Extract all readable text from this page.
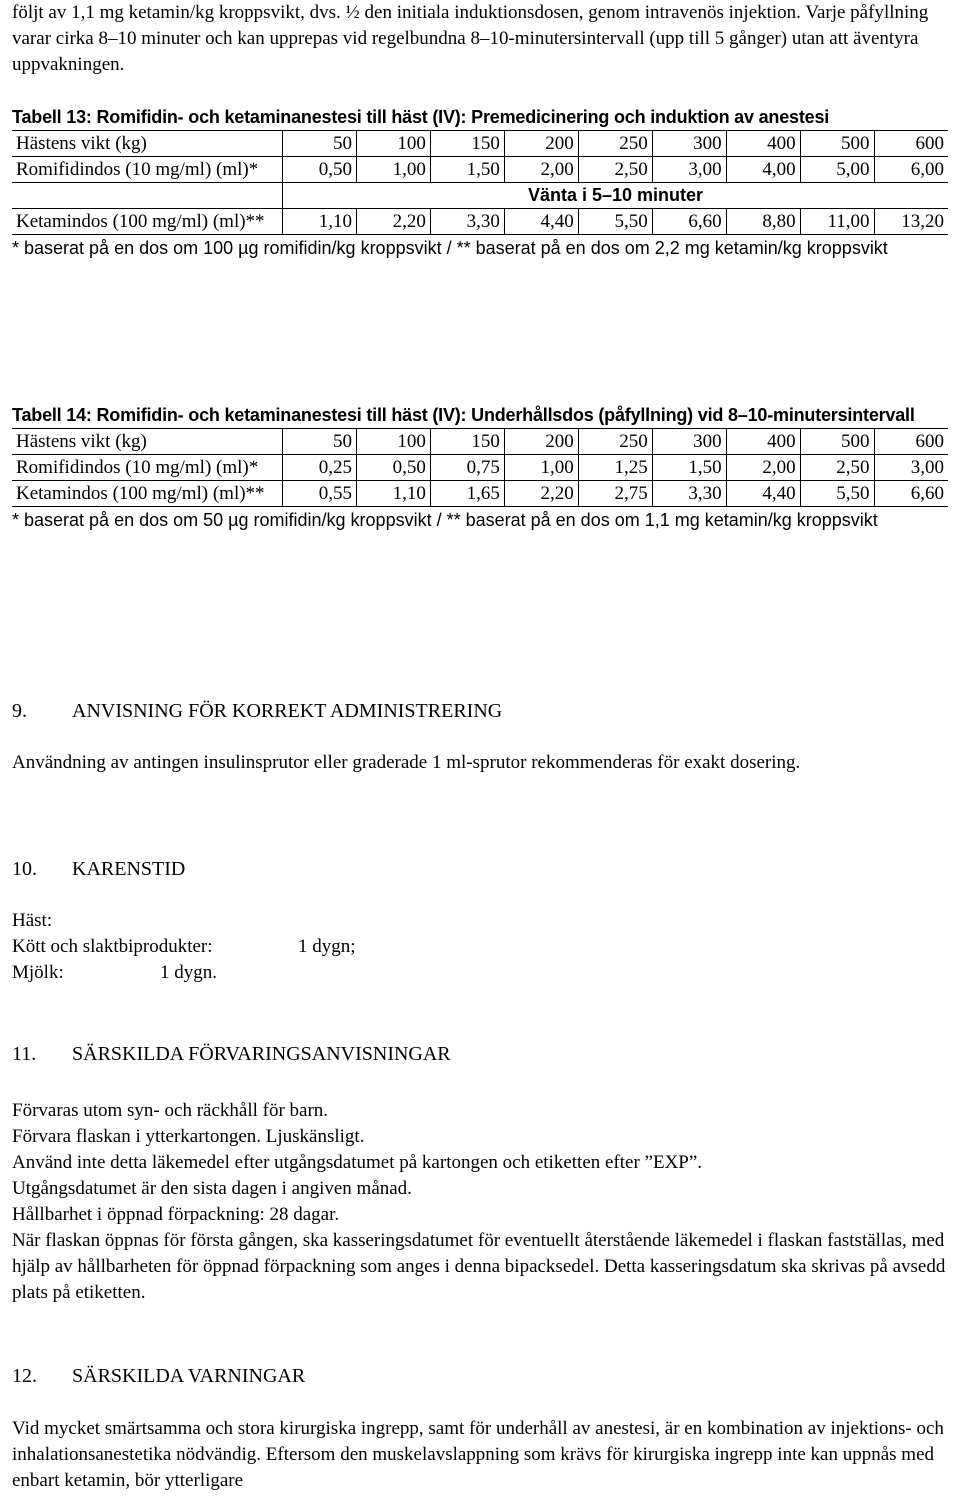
följt av 1,1 mg ketamin/kg kroppsvikt, dvs. ½ den initiala induktionsdosen, genom intravenös injektion. Varje påfyllning varar cirka 8–10 minuter och kan upprepas vid regelbundna 8–10-minutersintervall (upp till 5 gånger) utan att äventyra uppvakningen.

Tabell 13: Romifidin- och ketaminanestesi till häst (IV): Premedicinering och induktion av anestesi

Hästens vikt (kg)	50	100	150	200	250	300	400	500	600
Romifidindos (10 mg/ml) (ml)*	0,50	1,00	1,50	2,00	2,50	3,00	4,00	5,00	6,00
	Vänta i 5–10 minuter								
Ketamindos (100 mg/ml) (ml)**	1,10	2,20	3,30	4,40	5,50	6,60	8,80	11,00	13,20

* baserat på en dos om 100 µg romifidin/kg kroppsvikt / ** baserat på en dos om 2,2 mg ketamin/kg kroppsvikt

Tabell 14: Romifidin- och ketaminanestesi till häst (IV): Underhållsdos (påfyllning) vid 8–10-minutersintervall

Hästens vikt (kg)	50	100	150	200	250	300	400	500	600
Romifidindos (10 mg/ml) (ml)*	0,25	0,50	0,75	1,00	1,25	1,50	2,00	2,50	3,00
Ketamindos (100 mg/ml) (ml)**	0,55	1,10	1,65	2,20	2,75	3,30	4,40	5,50	6,60

* baserat på en dos om 50 µg romifidin/kg kroppsvikt / ** baserat på en dos om 1,1 mg ketamin/kg kroppsvikt

9. ANVISNING FÖR KORREKT ADMINISTRERING

Användning av antingen insulinsprutor eller graderade 1 ml-sprutor rekommenderas för exakt dosering.

10. KARENSTID

Häst:

Kött och slaktbiprodukter:	1 dygn;

Mjölk:	1 dygn.

11. SÄRSKILDA FÖRVARINGSANVISNINGAR

Förvaras utom syn- och räckhåll för barn.

Förvara flaskan i ytterkartongen. Ljuskänsligt.

Använd inte detta läkemedel efter utgångsdatumet på kartongen och etiketten efter ”EXP”.

Utgångsdatumet är den sista dagen i angiven månad.

Hållbarhet i öppnad förpackning: 28 dagar.

När flaskan öppnas för första gången, ska kasseringsdatumet för eventuellt återstående läkemedel i flaskan fastställas, med hjälp av hållbarheten för öppnad förpackning som anges i denna bipacksedel. Detta kasseringsdatum ska skrivas på avsedd plats på etiketten.

12. SÄRSKILDA VARNINGAR

Vid mycket smärtsamma och stora kirurgiska ingrepp, samt för underhåll av anestesi, är en kombination av injektions- och inhalationsanestetika nödvändig. Eftersom den muskelavslappning som krävs för kirurgiska ingrepp inte kan uppnås med enbart ketamin, bör ytterligare
